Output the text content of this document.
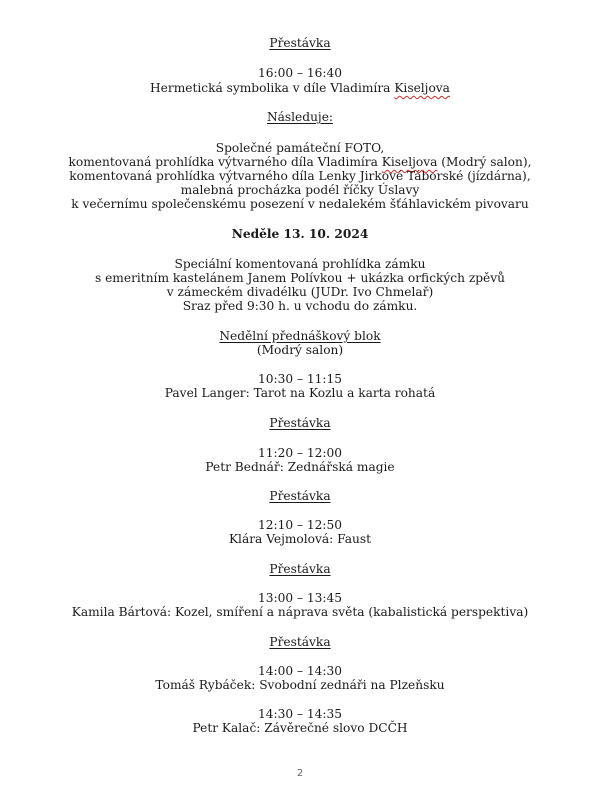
Přestávka
16:00 – 16:40
Hermetická symbolika v díle Vladimíra Kiseljova
Následuje:
Společné památeční FOTO,
komentovaná prohlídka výtvarného díla Vladimíra Kiseljova (Modrý salon),
komentovaná prohlídka výtvarného díla Lenky Jirkové Táborské (jízdárna),
malebná procházka podél říčky Úslavy
k večernímu společenskému posezení v nedalekém šťáhlavickém pivovaru
Neděle 13. 10. 2024
Speciální komentovaná prohlídka zámku
s emeritním kastelánem Janem Polívkou + ukázka orfických zpěvů
v zámeckém divadélku (JUDr. Ivo Chmelař)
Sraz před 9:30 h. u vchodu do zámku.
Nedělní přednáškový blok
(Modrý salon)
10:30 – 11:15
Pavel Langer: Tarot na Kozlu a karta rohatá
Přestávka
11:20 – 12:00
Petr Bednář: Zednářská magie
Přestávka
12:10 – 12:50
Klára Vejmolová: Faust
Přestávka
13:00 – 13:45
Kamila Bártová: Kozel, smíření a náprava světa (kabalistická perspektiva)
Přestávka
14:00 – 14:30
Tomáš Rybáček: Svobodní zednáři na Plzeňsku
14:30 – 14:35
Petr Kalač: Závěrečné slovo DCČH
2
